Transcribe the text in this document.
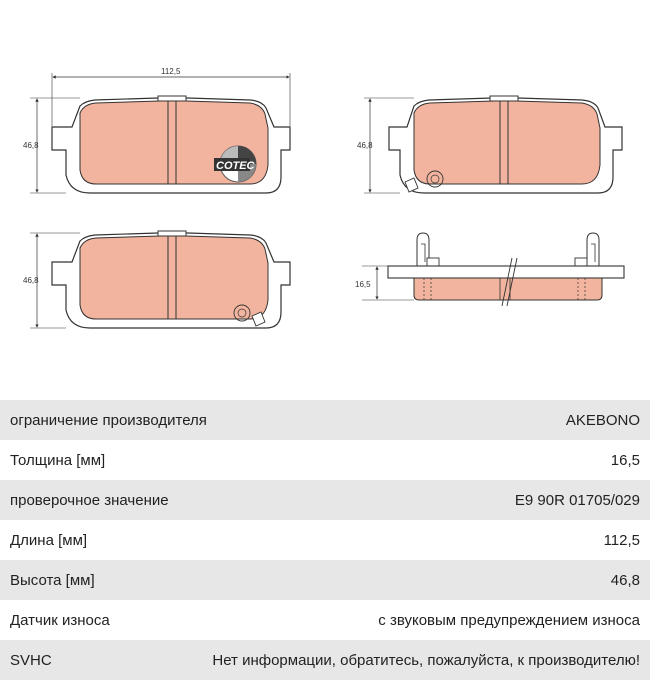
COTEC
112,5
46,8	46,8
46,8	16,5
ограничение производителя	AKEBONO
Толщина [мм]	16,5
проверочное значение	E9 90R 01705/029
Длина [мм]	112,5
Высота [мм]	46,8
Датчик износа	с звуковым предупреждением износа
SVHC	Нет информации, обратитесь, пожалуйста, к производителю!
